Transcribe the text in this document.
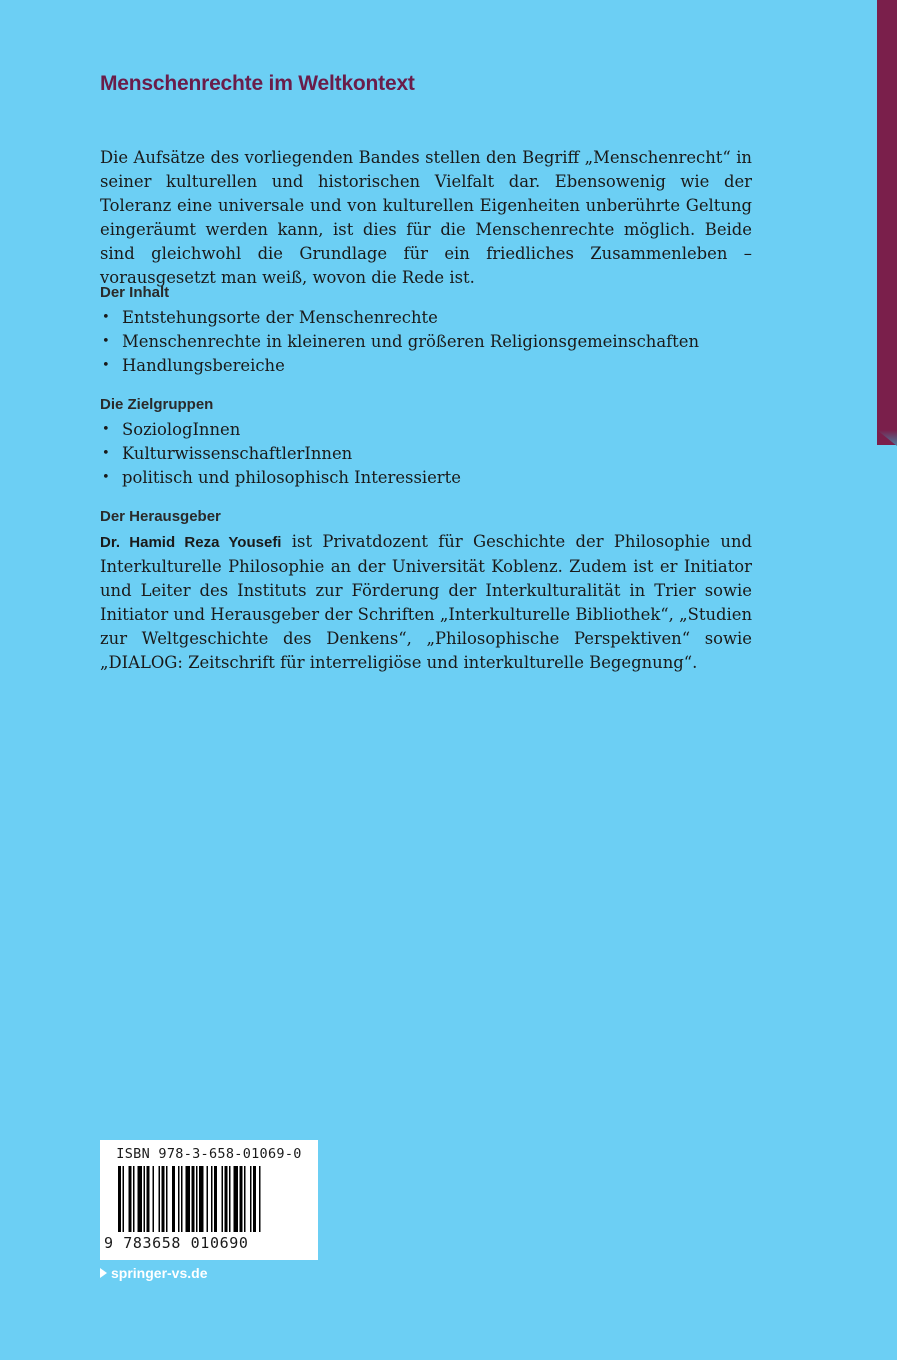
Menschenrechte im Weltkontext

Die Aufsätze des vorliegenden Bandes stellen den Begriff „Menschenrecht“ in seiner kulturellen und historischen Vielfalt dar. Ebensowenig wie der Toleranz eine universale und von kulturellen Eigenheiten unberührte Geltung eingeräumt werden kann, ist dies für die Menschenrechte möglich. Beide sind gleichwohl die Grundlage für ein friedliches Zusammenleben – vorausgesetzt man weiß, wovon die Rede ist.

Der Inhalt
• Entstehungsorte der Menschenrechte
• Menschenrechte in kleineren und größeren Religionsgemeinschaften
• Handlungsbereiche
Die Zielgruppen
• SoziologInnen
• KulturwissenschaftlerInnen
• politisch und philosophisch Interessierte
Der Herausgeber

Dr. Hamid Reza Yousefi ist Privatdozent für Geschichte der Philosophie und Interkulturelle Philosophie an der Universität Koblenz. Zudem ist er Initiator und Leiter des Instituts zur Förderung der Interkulturalität in Trier sowie Initiator und Herausgeber der Schriften „Interkulturelle Bibliothek“, „Studien zur Weltgeschichte des Denkens“, „Philosophische Perspektiven“ sowie „DIALOG: Zeitschrift für interreligiöse und interkulturelle Begegnung“.

ISBN 978-3-658-01069-0
9 783658 010690
springer-vs.de
